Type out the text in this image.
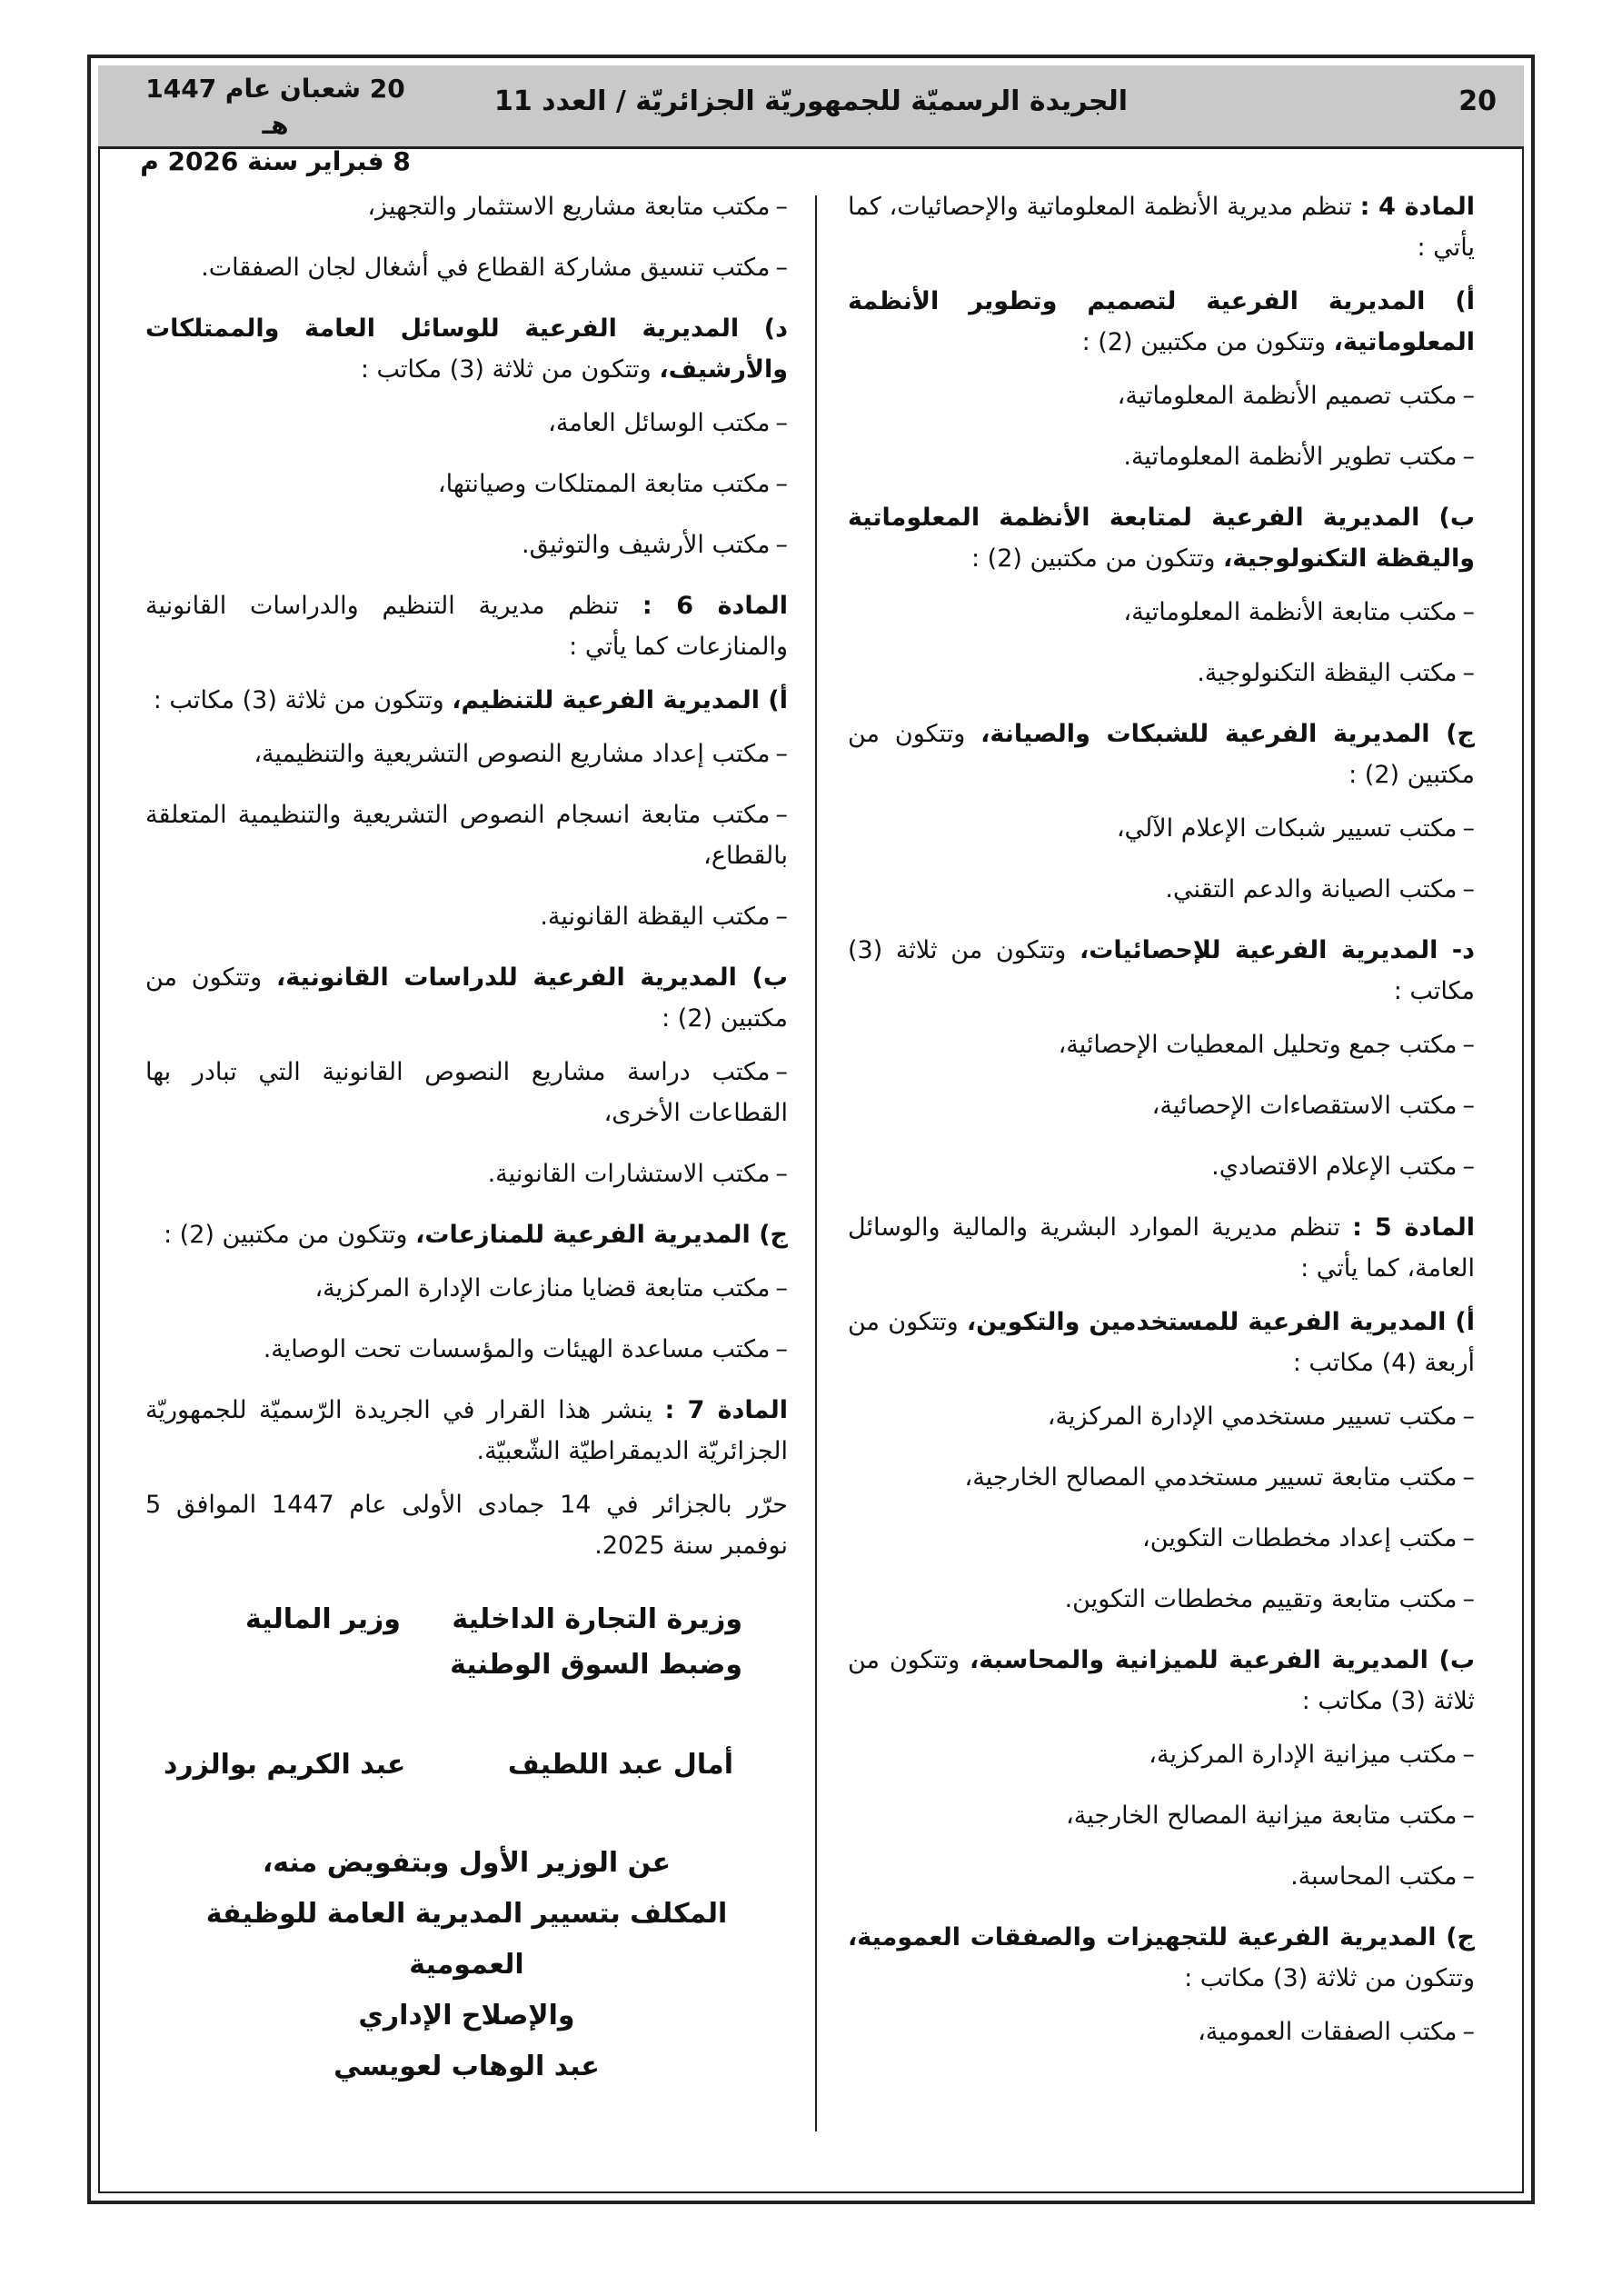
20
الجريدة الرسميّة للجمهوريّة الجزائريّة / العدد 11
20 شعبان عام 1447 هـ
8 فبراير سنة 2026 م

المادة 4 : تنظم مديرية الأنظمة المعلوماتية والإحصائيات، كما يأتي :

أ) المديرية الفرعية لتصميم وتطوير الأنظمة المعلوماتية، وتتكون من مكتبين (2) :

–مكتب تصميم الأنظمة المعلوماتية،

–مكتب تطوير الأنظمة المعلوماتية.

ب) المديرية الفرعية لمتابعة الأنظمة المعلوماتية واليقظة التكنولوجية، وتتكون من مكتبين (2) :

–مكتب متابعة الأنظمة المعلوماتية،

–مكتب اليقظة التكنولوجية.

ج) المديرية الفرعية للشبكات والصيانة، وتتكون من مكتبين (2) :

–مكتب تسيير شبكات الإعلام الآلي،

–مكتب الصيانة والدعم التقني.

د- المديرية الفرعية للإحصائيات، وتتكون من ثلاثة (3) مكاتب :

–مكتب جمع وتحليل المعطيات الإحصائية،

–مكتب الاستقصاءات الإحصائية،

–مكتب الإعلام الاقتصادي.

المادة 5 : تنظم مديرية الموارد البشرية والمالية والوسائل العامة، كما يأتي :

أ) المديرية الفرعية للمستخدمين والتكوين، وتتكون من أربعة (4) مكاتب :

–مكتب تسيير مستخدمي الإدارة المركزية،

–مكتب متابعة تسيير مستخدمي المصالح الخارجية،

–مكتب إعداد مخططات التكوين،

–مكتب متابعة وتقييم مخططات التكوين.

ب) المديرية الفرعية للميزانية والمحاسبة، وتتكون من ثلاثة (3) مكاتب :

–مكتب ميزانية الإدارة المركزية،

–مكتب متابعة ميزانية المصالح الخارجية،

–مكتب المحاسبة.

ج) المديرية الفرعية للتجهيزات والصفقات العمومية، وتتكون من ثلاثة (3) مكاتب :

–مكتب الصفقات العمومية،

–مكتب متابعة مشاريع الاستثمار والتجهيز،

–مكتب تنسيق مشاركة القطاع في أشغال لجان الصفقات.

د) المديرية الفرعية للوسائل العامة والممتلكات والأرشيف، وتتكون من ثلاثة (3) مكاتب :

–مكتب الوسائل العامة،

–مكتب متابعة الممتلكات وصيانتها،

–مكتب الأرشيف والتوثيق.

المادة 6 : تنظم مديرية التنظيم والدراسات القانونية والمنازعات كما يأتي :

أ) المديرية الفرعية للتنظيم، وتتكون من ثلاثة (3) مكاتب :

–مكتب إعداد مشاريع النصوص التشريعية والتنظيمية،

–مكتب متابعة انسجام النصوص التشريعية والتنظيمية المتعلقة بالقطاع،

–مكتب اليقظة القانونية.

ب) المديرية الفرعية للدراسات القانونية، وتتكون من مكتبين (2) :

–مكتب دراسة مشاريع النصوص القانونية التي تبادر بها القطاعات الأخرى،

–مكتب الاستشارات القانونية.

ج) المديرية الفرعية للمنازعات، وتتكون من مكتبين (2) :

–مكتب متابعة قضايا منازعات الإدارة المركزية،

–مكتب مساعدة الهيئات والمؤسسات تحت الوصاية.

المادة 7 : ينشر هذا القرار في الجريدة الرّسميّة للجمهوريّة الجزائريّة الديمقراطيّة الشّعبيّة.

حرّر بالجزائر في 14 جمادى الأولى عام 1447 الموافق 5 نوفمبر سنة 2025.

وزيرة التجارة الداخلية
وضبط السوق الوطنية
وزير المالية
أمال عبد اللطيف
عبد الكريم بوالزرد
عن الوزير الأول وبتفويض منه،
المكلف بتسيير المديرية العامة للوظيفة العمومية
والإصلاح الإداري
عبد الوهاب لعويسي
